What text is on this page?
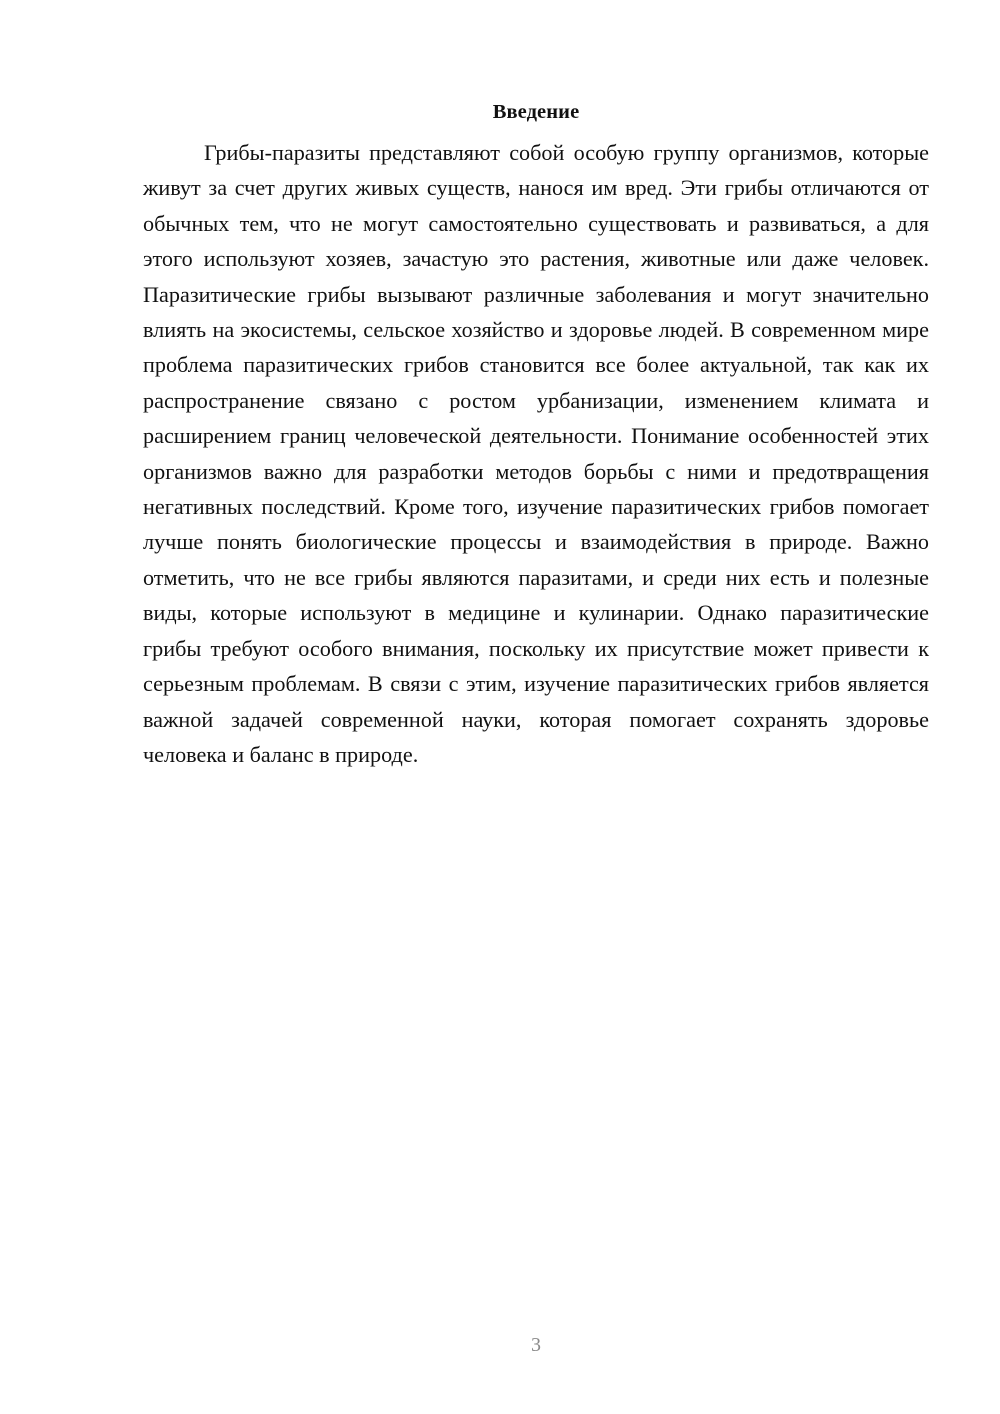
Введение

Грибы-паразиты представляют собой особую группу организмов, которые живут за счет других живых существ, нанося им вред. Эти грибы отличаются от обычных тем, что не могут самостоятельно существовать и развиваться, а для этого используют хозяев, зачастую это растения, животные или даже человек. Паразитические грибы вызывают различные заболевания и могут значительно влиять на экосистемы, сельское хозяйство и здоровье людей. В современном мире проблема паразитических грибов становится все более актуальной, так как их распространение связано с ростом урбанизации, изменением климата и расширением границ человеческой деятельности. Понимание особенностей этих организмов важно для разработки методов борьбы с ними и предотвращения негативных последствий. Кроме того, изучение паразитических грибов помогает лучше понять биологические процессы и взаимодействия в природе. Важно отметить, что не все грибы являются паразитами, и среди них есть и полезные виды, которые используют в медицине и кулинарии. Однако паразитические грибы требуют особого внимания, поскольку их присутствие может привести к серьезным проблемам. В связи с этим, изучение паразитических грибов является важной задачей современной науки, которая помогает сохранять здоровье человека и баланс в природе.

3
